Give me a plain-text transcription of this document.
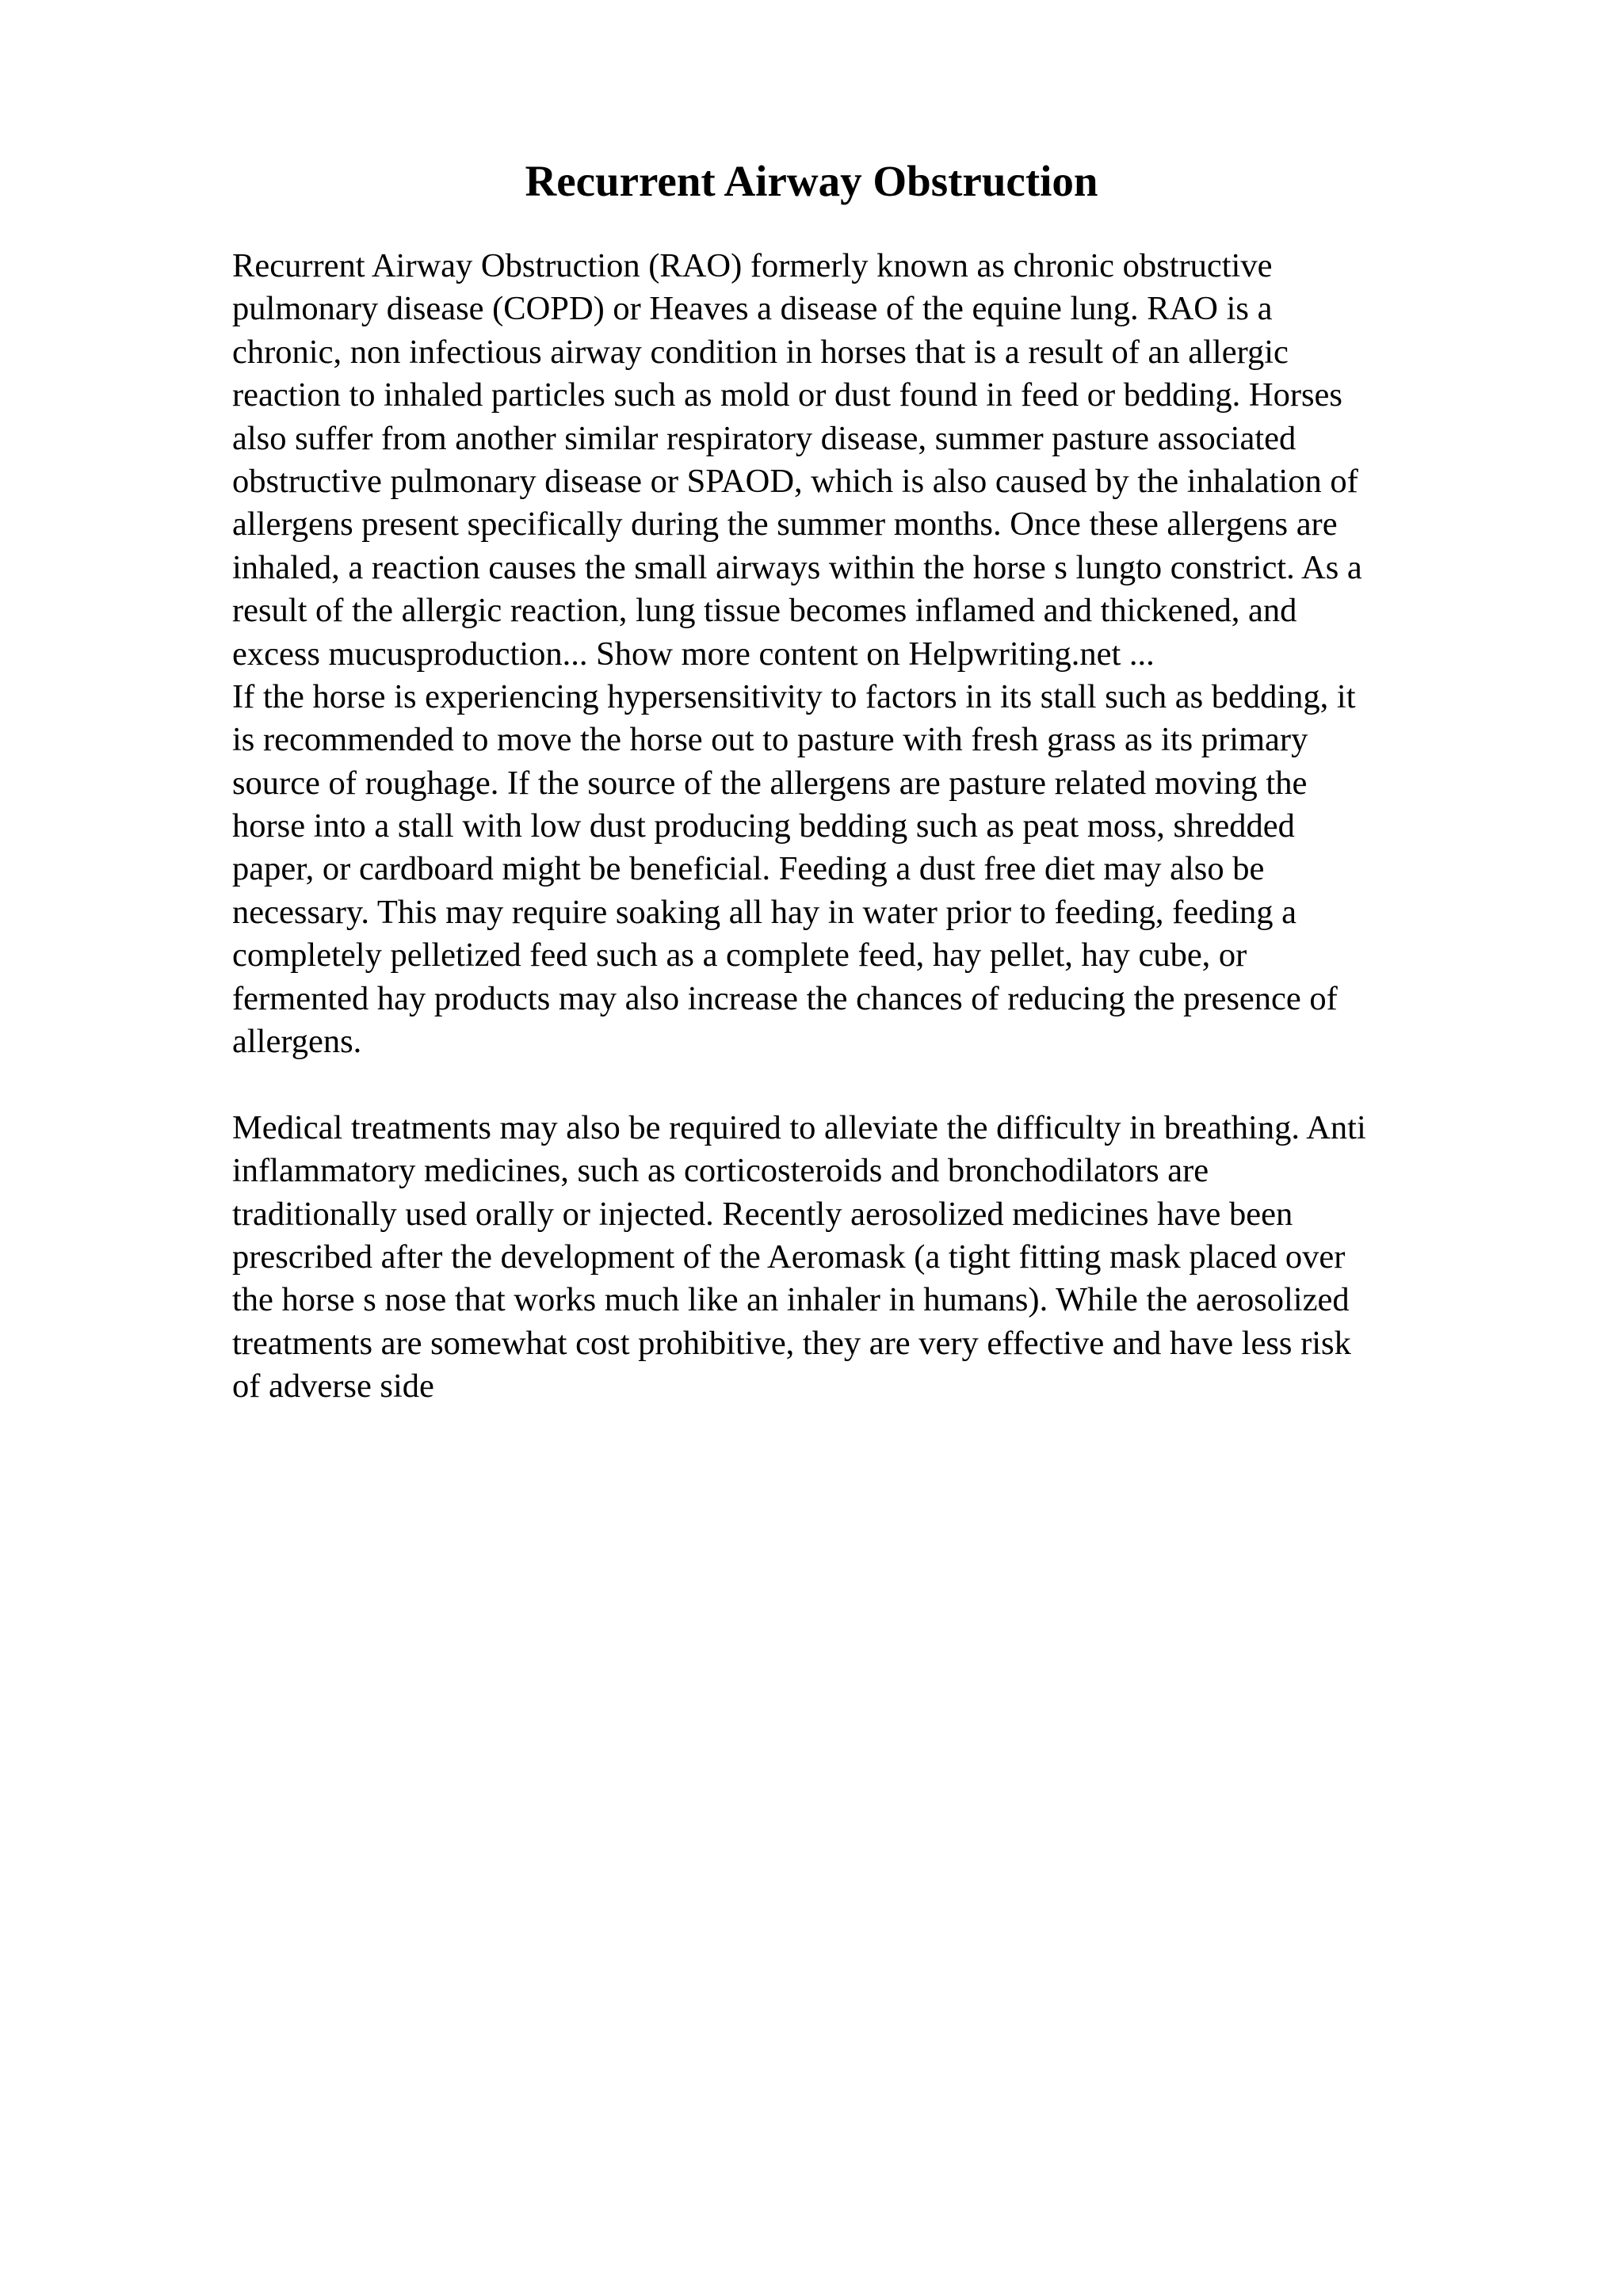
Recurrent Airway Obstruction
Recurrent Airway Obstruction (RAO) formerly known as chronic obstructive
pulmonary disease (COPD) or Heaves a disease of the equine lung. RAO is a
chronic, non infectious airway condition in horses that is a result of an allergic
reaction to inhaled particles such as mold or dust found in feed or bedding. Horses
also suffer from another similar respiratory disease, summer pasture associated
obstructive pulmonary disease or SPAOD, which is also caused by the inhalation of
allergens present specifically during the summer months. Once these allergens are
inhaled, a reaction causes the small airways within the horse s lungto constrict. As a
result of the allergic reaction, lung tissue becomes inflamed and thickened, and
excess mucusproduction... Show more content on Helpwriting.net ...
If the horse is experiencing hypersensitivity to factors in its stall such as bedding, it
is recommended to move the horse out to pasture with fresh grass as its primary
source of roughage. If the source of the allergens are pasture related moving the
horse into a stall with low dust producing bedding such as peat moss, shredded
paper, or cardboard might be beneficial. Feeding a dust free diet may also be
necessary. This may require soaking all hay in water prior to feeding, feeding a
completely pelletized feed such as a complete feed, hay pellet, hay cube, or
fermented hay products may also increase the chances of reducing the presence of
allergens.
Medical treatments may also be required to alleviate the difficulty in breathing. Anti
inflammatory medicines, such as corticosteroids and bronchodilators are
traditionally used orally or injected. Recently aerosolized medicines have been
prescribed after the development of the Aeromask (a tight fitting mask placed over
the horse s nose that works much like an inhaler in humans). While the aerosolized
treatments are somewhat cost prohibitive, they are very effective and have less risk
of adverse side
